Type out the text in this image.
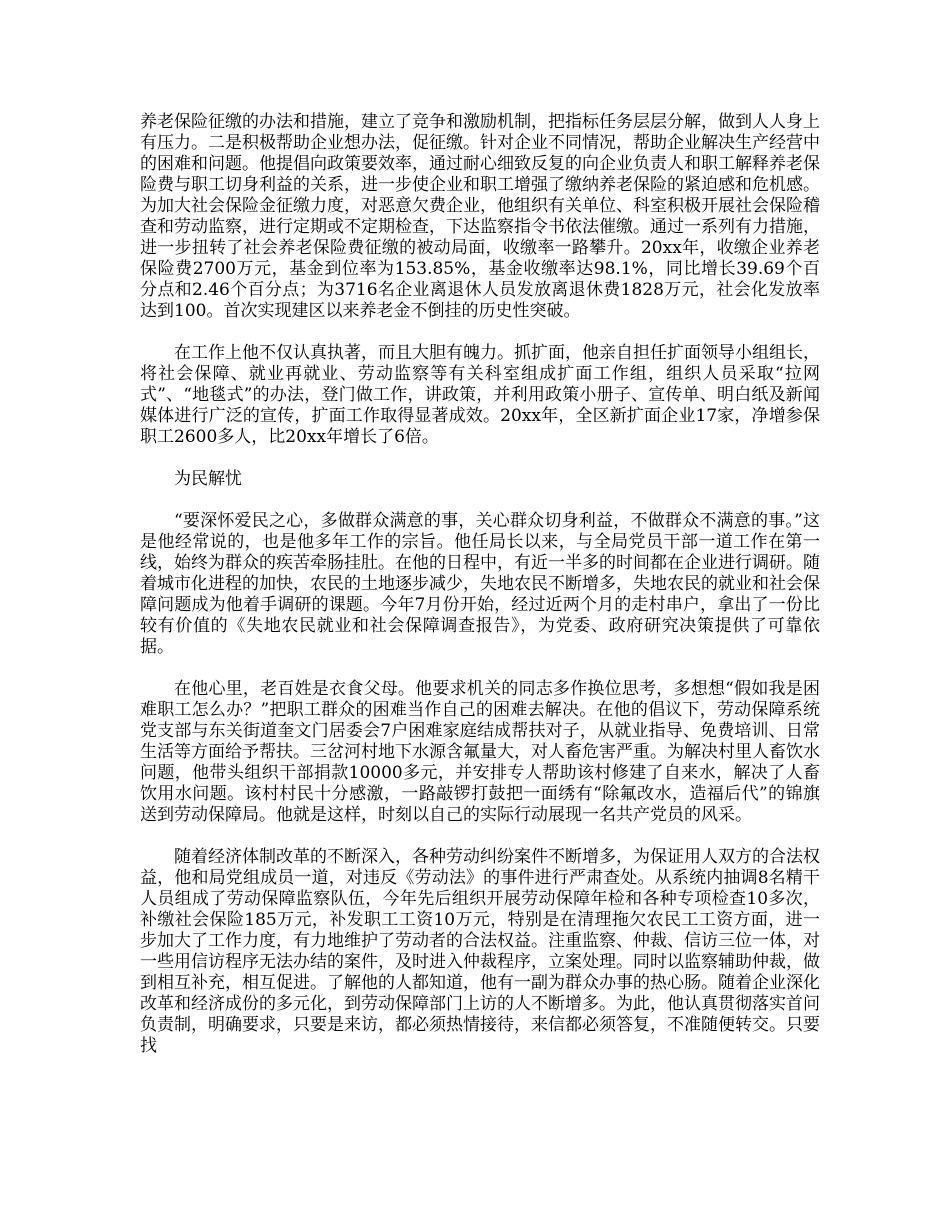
养老保险征缴的办法和措施，建立了竞争和激励机制，把指标任务层层分解，做到人人身上有压力。二是积极帮助企业想办法，促征缴。针对企业不同情况，帮助企业解决生产经营中的困难和问题。他提倡向政策要效率，通过耐心细致反复的向企业负责人和职工解释养老保险费与职工切身利益的关系，进一步使企业和职工增强了缴纳养老保险的紧迫感和危机感。为加大社会保险金征缴力度，对恶意欠费企业，他组织有关单位、科室积极开展社会保险稽查和劳动监察，进行定期或不定期检查，下达监察指令书依法催缴。通过一系列有力措施，进一步扭转了社会养老保险费征缴的被动局面，收缴率一路攀升。20xx年，收缴企业养老保险费2700万元，基金到位率为153.85%，基金收缴率达98.1%，同比增长39.69个百分点和2.46个百分点；为3716名企业离退休人员发放离退休费1828万元，社会化发放率达到100。首次实现建区以来养老金不倒挂的历史性突破。

在工作上他不仅认真执著，而且大胆有魄力。抓扩面，他亲自担任扩面领导小组组长，将社会保障、就业再就业、劳动监察等有关科室组成扩面工作组，组织人员采取“拉网式”、“地毯式”的办法，登门做工作，讲政策，并利用政策小册子、宣传单、明白纸及新闻媒体进行广泛的宣传，扩面工作取得显著成效。20xx年，全区新扩面企业17家，净增参保职工2600多人，比20xx年增长了6倍。

为民解忧

“要深怀爱民之心，多做群众满意的事，关心群众切身利益，不做群众不满意的事。”这是他经常说的，也是他多年工作的宗旨。他任局长以来，与全局党员干部一道工作在第一线，始终为群众的疾苦牵肠挂肚。在他的日程中，有近一半多的时间都在企业进行调研。随着城市化进程的加快，农民的土地逐步减少，失地农民不断增多，失地农民的就业和社会保障问题成为他着手调研的课题。今年7月份开始，经过近两个月的走村串户，拿出了一份比较有价值的《失地农民就业和社会保障调查报告》，为党委、政府研究决策提供了可靠依据。

在他心里，老百姓是衣食父母。他要求机关的同志多作换位思考，多想想“假如我是困难职工怎么办？”把职工群众的困难当作自己的困难去解决。在他的倡议下，劳动保障系统党支部与东关街道奎文门居委会7户困难家庭结成帮扶对子，从就业指导、免费培训、日常生活等方面给予帮扶。三岔河村地下水源含氟量大，对人畜危害严重。为解决村里人畜饮水问题，他带头组织干部捐款10000多元，并安排专人帮助该村修建了自来水，解决了人畜饮用水问题。该村村民十分感激，一路敲锣打鼓把一面绣有“除氟改水，造福后代”的锦旗送到劳动保障局。他就是这样，时刻以自己的实际行动展现一名共产党员的风采。

随着经济体制改革的不断深入，各种劳动纠纷案件不断增多，为保证用人双方的合法权益，他和局党组成员一道，对违反《劳动法》的事件进行严肃查处。从系统内抽调8名精干人员组成了劳动保障监察队伍，今年先后组织开展劳动保障年检和各种专项检查10多次，补缴社会保险185万元，补发职工工资10万元，特别是在清理拖欠农民工工资方面，进一步加大了工作力度，有力地维护了劳动者的合法权益。注重监察、仲裁、信访三位一体，对一些用信访程序无法办结的案件，及时进入仲裁程序，立案处理。同时以监察辅助仲裁，做到相互补充，相互促进。了解他的人都知道，他有一副为群众办事的热心肠。随着企业深化改革和经济成份的多元化，到劳动保障部门上访的人不断增多。为此，他认真贯彻落实首问负责制，明确要求，只要是来访，都必须热情接待，来信都必须答复，不准随便转交。只要找
